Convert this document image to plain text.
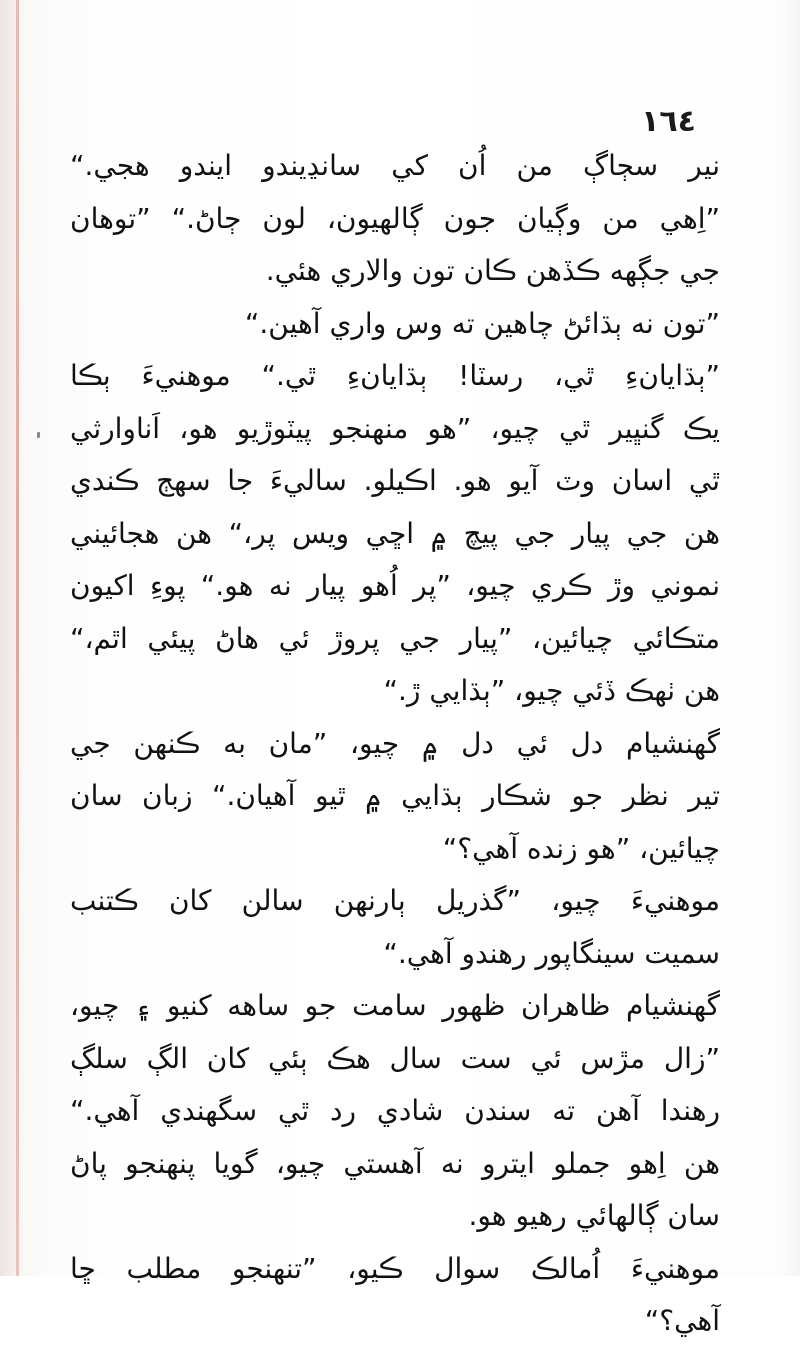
١٦٤
نير سڄاڳ من اُن کي سانڍيندو ايندو هجي.“
”اِهي من وڳيان جون ڳالهيون، لون ڄاڻ.“ ”توهان
جي جڳهه ڪڏهن ڪان تون والاري هئي.
”تون نه ٻڌائڻ چاهين ته وس واري آهين.“
”ٻڌايانءِ ٿي، رسٽا! ٻڌايانءِ ٿي.“ موهنيءَ ٻڪا
يڪ گنڀير ٿي چيو، ”هو منهنجو پيٽوڙيو هو، اَناوارثي
ٿي اسان وٽ آيو هو. اڪيلو. ساليءَ جا سهڄ ڪندي
هن جي پيار جي پيچ ۾ اڇي ويس پر،“ هن هجائيني
نموني وڙ ڪري چيو، ”پر اُهو پيار نه هو.“ پوءِ اکيون
متڪائي چيائين، ”پيار جي پروڙ ئي هاڻ پيئي اٿم،“
هن ٺهڪ ڏئي چيو، ”ٻڌايي ڙ.“
گهنشيام دل ئي دل ۾ چيو، ”مان به ڪنهن جي
تير نظر جو شڪار ٻڌايي ۾ ٿيو آهيان.“ زبان سان
چيائين، ”هو زنده آهي؟“
موهنيءَ چيو، ”گذريل ٻارنهن سالن کان ڪتنب
سميت سينگاپور رهندو آهي.“
گهنشيام ظاهران ظهور سامت جو ساهه کنيو ۽ چيو،
”زال مڙس ئي ست سال هڪ ٻئي کان الڳ سلڳ
رهندا آهن ته سندن شادي رد ٿي سگهندي آهي.“
هن اِهو جملو ايترو نه آهستي چيو، گويا پنهنجو پاڻ
سان ڳالهائي رهيو هو.
موهنيءَ اُمالڪ سوال ڪيو، ”تنهنجو مطلب ڇا
آهي؟“
